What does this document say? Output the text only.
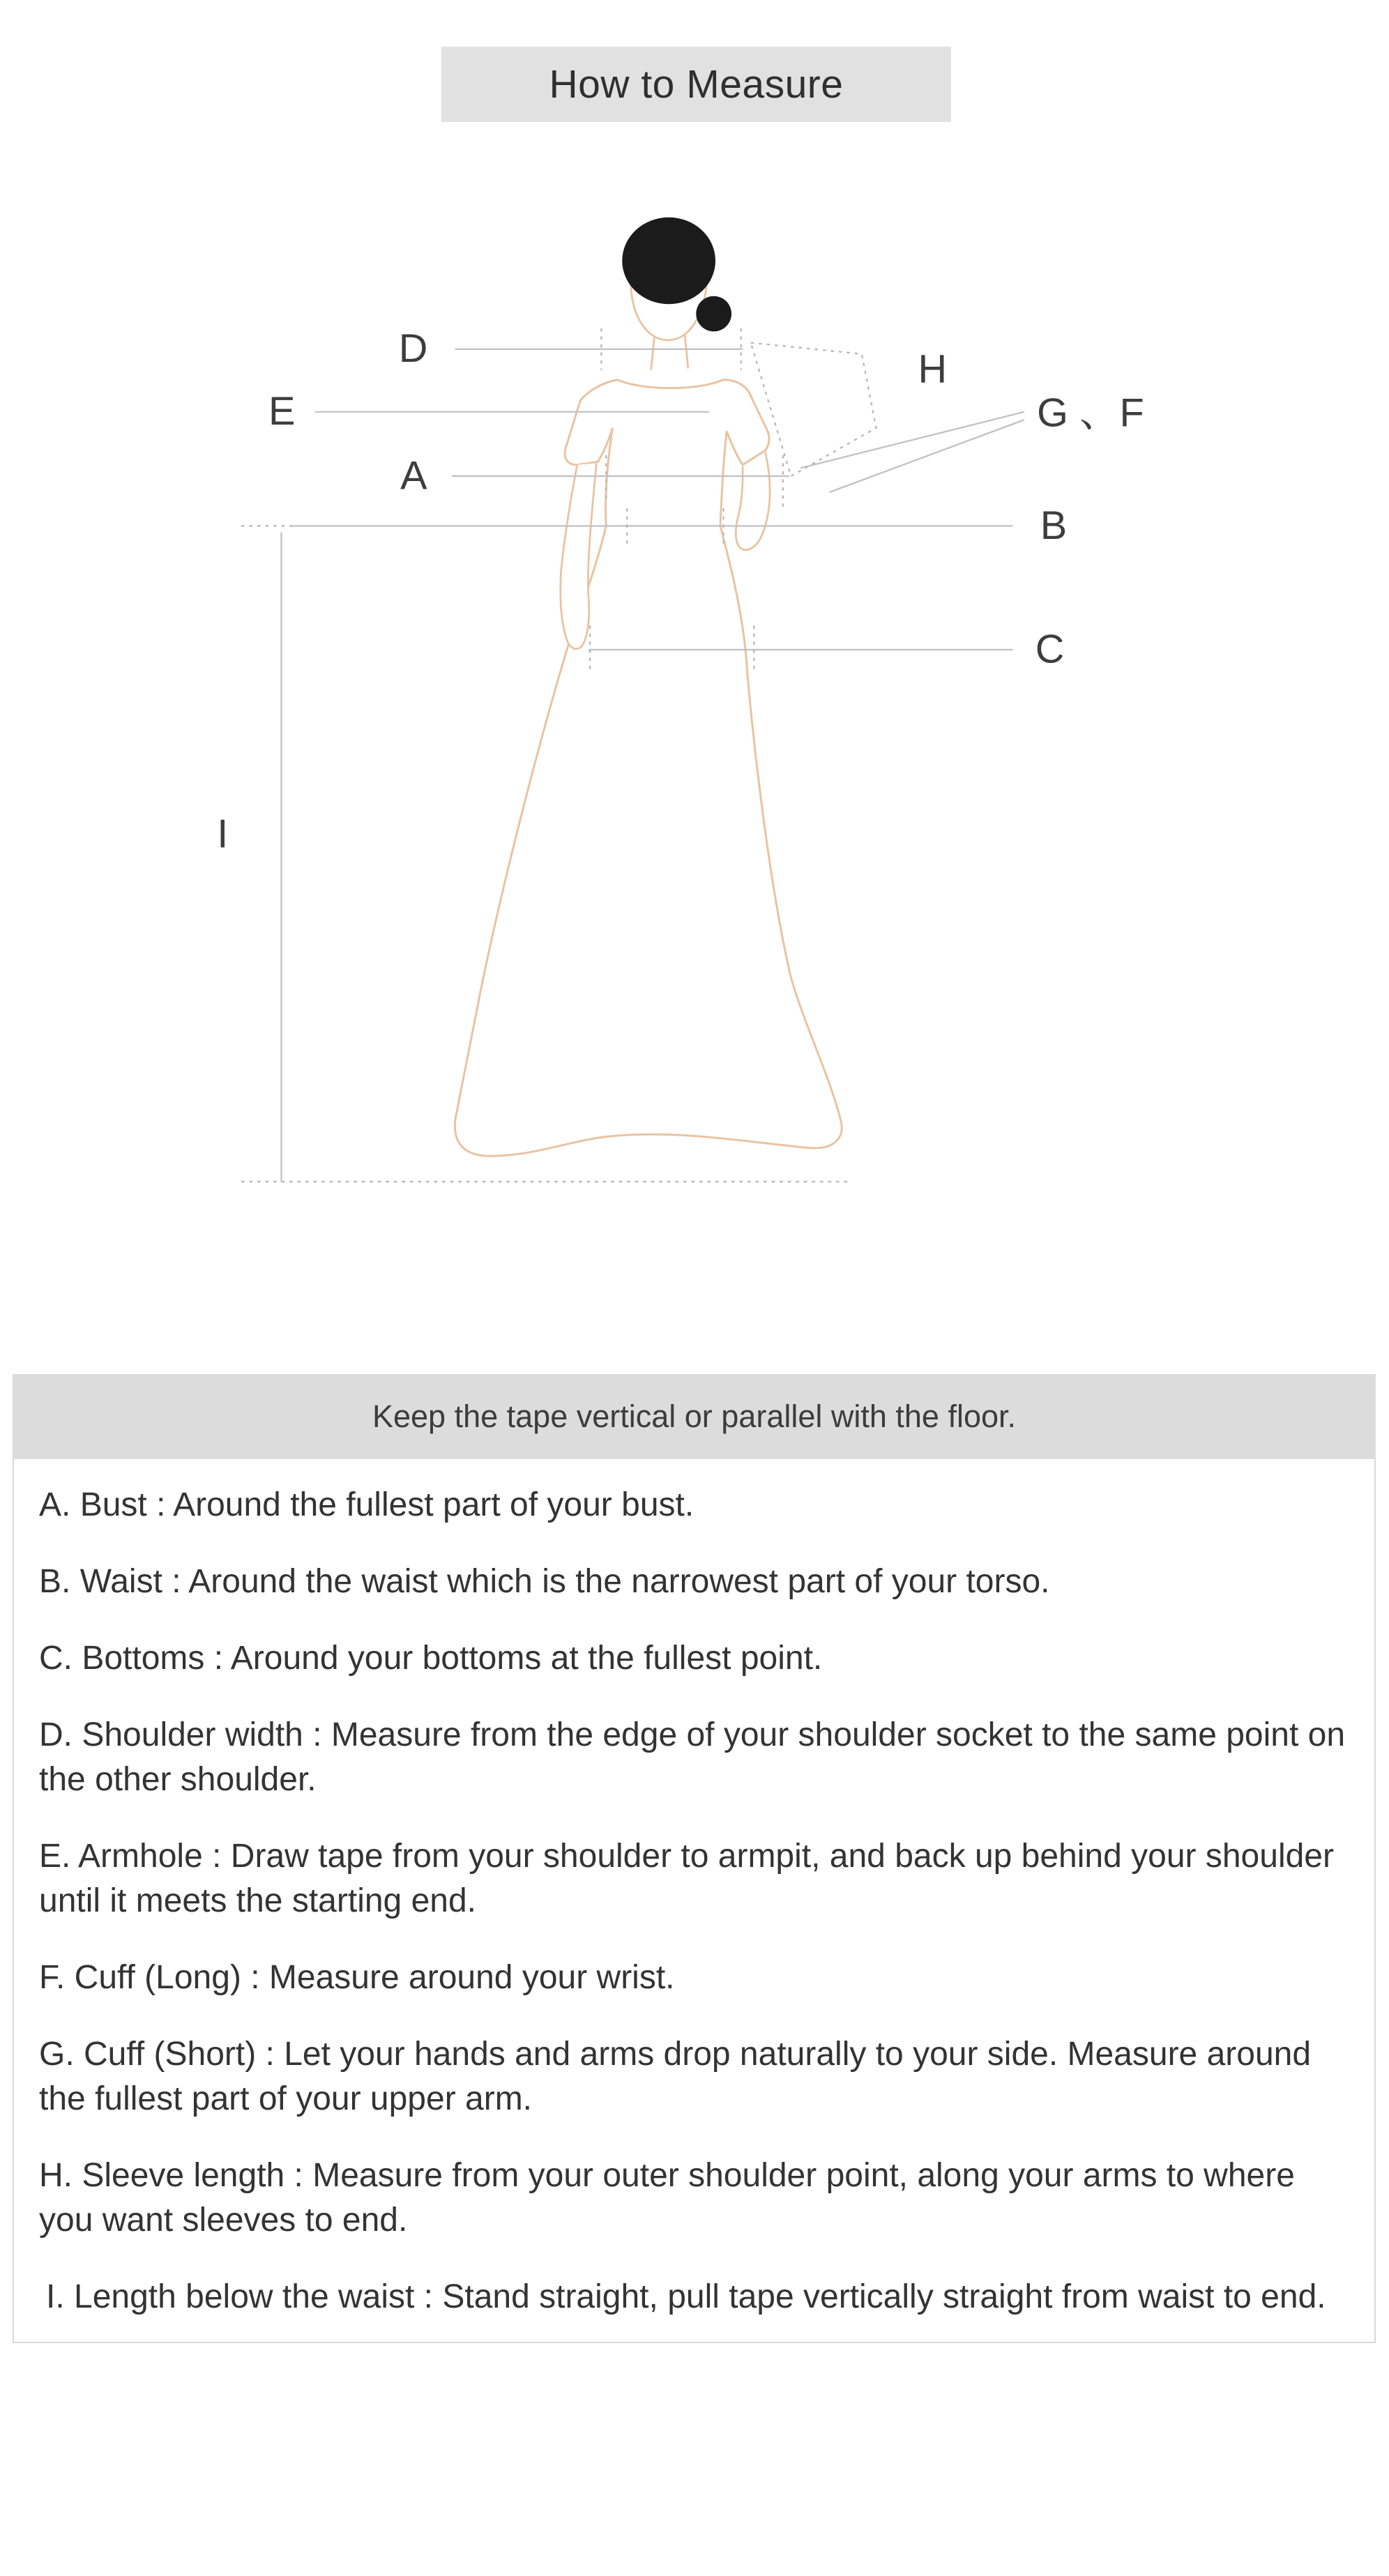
How to Measure
D
E
A
H
G 、F
B
C
I
Keep the tape vertical or parallel with the floor.

A. Bust : Around the fullest part of your bust.

B. Waist : Around the waist which is the narrowest part of your torso.

C. Bottoms : Around your bottoms at the fullest point.

D. Shoulder width : Measure from the edge of your shoulder socket to the same point on the other shoulder.

E. Armhole : Draw tape from your shoulder to armpit, and back up behind your shoulder until it meets the starting end.

F. Cuff (Long) : Measure around your wrist.

G. Cuff (Short) : Let your hands and arms drop naturally to your side. Measure around the fullest part of your upper arm.

H. Sleeve length : Measure from your outer shoulder point, along your arms to where you want sleeves to end.

I. Length below the waist : Stand straight, pull tape vertically straight from waist to end.
